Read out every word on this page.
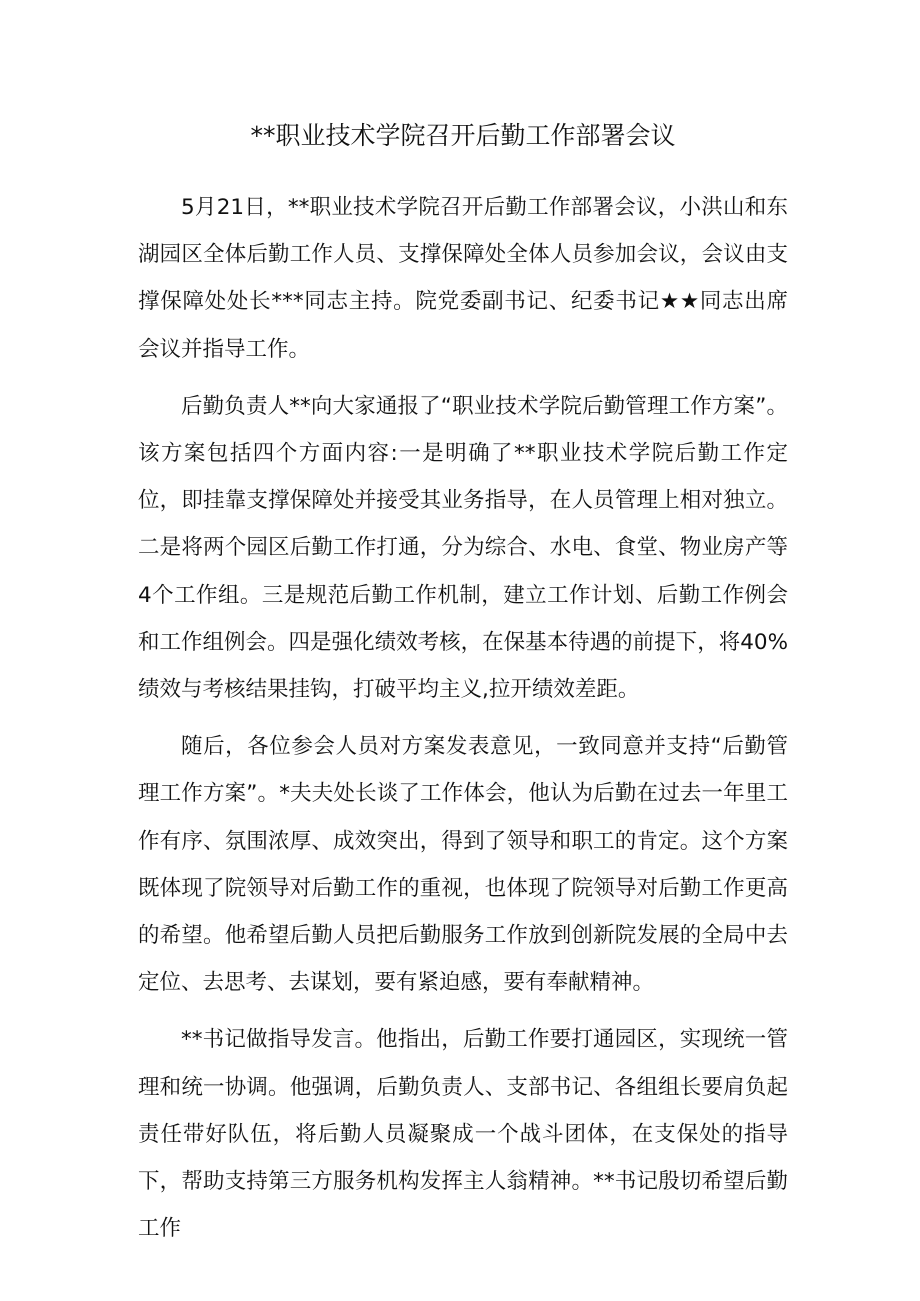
**职业技术学院召开后勤工作部署会议

5月21日，**职业技术学院召开后勤工作部署会议，小洪山和东湖园区全体后勤工作人员、支撑保障处全体人员参加会议，会议由支撑保障处处长***同志主持。院党委副书记、纪委书记★★同志出席会议并指导工作。

后勤负责人**向大家通报了“职业技术学院后勤管理工作方案”。该方案包括四个方面内容:一是明确了**职业技术学院后勤工作定位，即挂靠支撑保障处并接受其业务指导，在人员管理上相对独立。二是将两个园区后勤工作打通，分为综合、水电、食堂、物业房产等4个工作组。三是规范后勤工作机制，建立工作计划、后勤工作例会和工作组例会。四是强化绩效考核，在保基本待遇的前提下，将40%绩效与考核结果挂钩，打破平均主义,拉开绩效差距。

随后，各位参会人员对方案发表意见，一致同意并支持“后勤管理工作方案”。*夫夫处长谈了工作体会，他认为后勤在过去一年里工作有序、氛围浓厚、成效突出，得到了领导和职工的肯定。这个方案既体现了院领导对后勤工作的重视，也体现了院领导对后勤工作更高的希望。他希望后勤人员把后勤服务工作放到创新院发展的全局中去定位、去思考、去谋划，要有紧迫感，要有奉献精神。

**书记做指导发言。他指出，后勤工作要打通园区，实现统一管理和统一协调。他强调，后勤负责人、支部书记、各组组长要肩负起责任带好队伍，将后勤人员凝聚成一个战斗团体，在支保处的指导下，帮助支持第三方服务机构发挥主人翁精神。**书记殷切希望后勤工作
